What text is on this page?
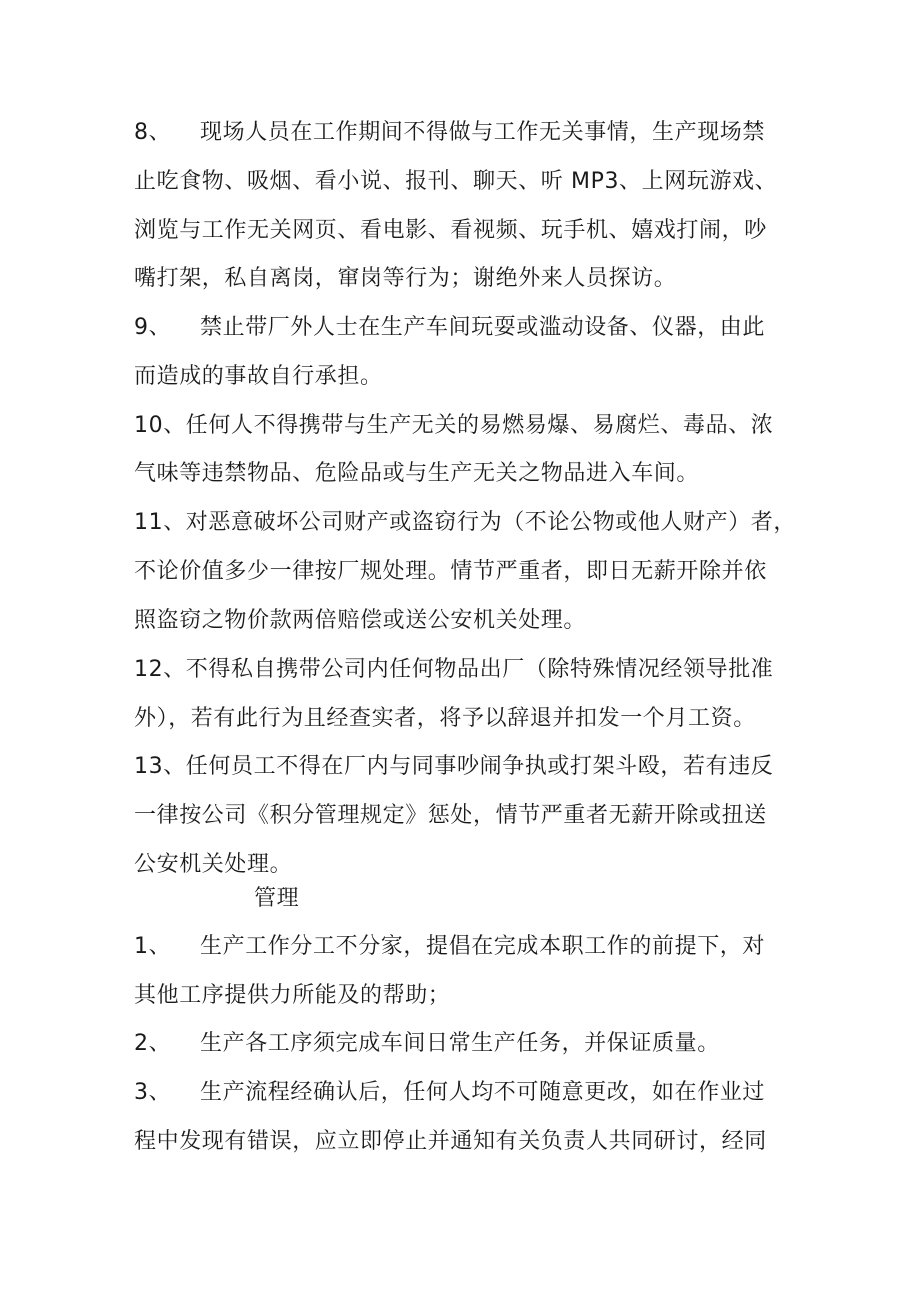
8、 现场人员在工作期间不得做与工作无关事情，生产现场禁
止吃食物、吸烟、看小说、报刊、聊天、听 MP3、上网玩游戏、
浏览与工作无关网页、看电影、看视频、玩手机、嬉戏打闹，吵
嘴打架，私自离岗，窜岗等行为；谢绝外来人员探访。
9、 禁止带厂外人士在生产车间玩耍或滥动设备、仪器，由此
而造成的事故自行承担。
10、任何人不得携带与生产无关的易燃易爆、易腐烂、毒品、浓
气味等违禁物品、危险品或与生产无关之物品进入车间。
11、对恶意破坏公司财产或盗窃行为（不论公物或他人财产）者，
不论价值多少一律按厂规处理。情节严重者，即日无薪开除并依
照盗窃之物价款两倍赔偿或送公安机关处理。
12、不得私自携带公司内任何物品出厂（除特殊情况经领导批准
外），若有此行为且经查实者，将予以辞退并扣发一个月工资。
13、任何员工不得在厂内与同事吵闹争执或打架斗殴，若有违反
一律按公司《积分管理规定》惩处，情节严重者无薪开除或扭送
公安机关处理。
管理
1、 生产工作分工不分家，提倡在完成本职工作的前提下，对
其他工序提供力所能及的帮助；
2、 生产各工序须完成车间日常生产任务，并保证质量。
3、 生产流程经确认后，任何人均不可随意更改，如在作业过
程中发现有错误，应立即停止并通知有关负责人共同研讨，经同
